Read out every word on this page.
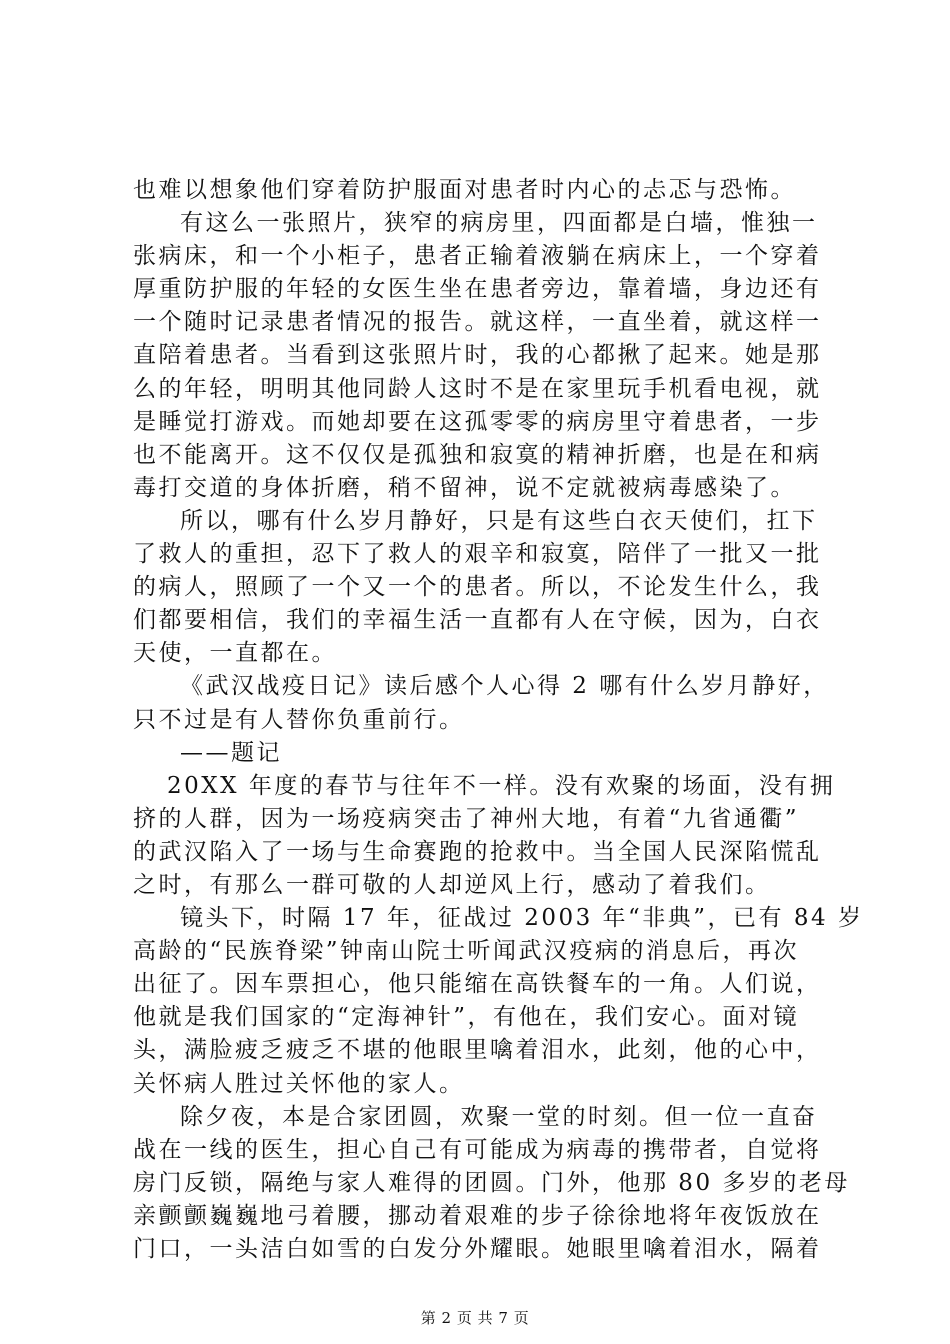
也难以想象他们穿着防护服面对患者时内心的忐忑与恐怖。
有这么一张照片，狭窄的病房里，四面都是白墙，惟独一
张病床，和一个小柜子，患者正输着液躺在病床上，一个穿着
厚重防护服的年轻的女医生坐在患者旁边，靠着墙，身边还有
一个随时记录患者情况的报告。就这样，一直坐着，就这样一
直陪着患者。当看到这张照片时，我的心都揪了起来。她是那
么的年轻，明明其他同龄人这时不是在家里玩手机看电视，就
是睡觉打游戏。而她却要在这孤零零的病房里守着患者，一步
也不能离开。这不仅仅是孤独和寂寞的精神折磨，也是在和病
毒打交道的身体折磨，稍不留神，说不定就被病毒感染了。
所以，哪有什么岁月静好，只是有这些白衣天使们，扛下
了救人的重担，忍下了救人的艰辛和寂寞，陪伴了一批又一批
的病人，照顾了一个又一个的患者。所以，不论发生什么，我
们都要相信，我们的幸福生活一直都有人在守候，因为，白衣
天使，一直都在。
《武汉战疫日记》读后感个人心得 2 哪有什么岁月静好，
只不过是有人替你负重前行。
——题记
20XX 年度的春节与往年不一样。没有欢聚的场面，没有拥
挤的人群，因为一场疫病突击了神州大地，有着“九省通衢”
的武汉陷入了一场与生命赛跑的抢救中。当全国人民深陷慌乱
之时，有那么一群可敬的人却逆风上行，感动了着我们。
镜头下，时隔 17 年，征战过 2003 年“非典”，已有 84 岁
高龄的“民族脊梁”钟南山院士听闻武汉疫病的消息后，再次
出征了。因车票担心，他只能缩在高铁餐车的一角。人们说，
他就是我们国家的“定海神针”，有他在，我们安心。面对镜
头，满脸疲乏疲乏不堪的他眼里噙着泪水，此刻，他的心中，
关怀病人胜过关怀他的家人。
除夕夜，本是合家团圆，欢聚一堂的时刻。但一位一直奋
战在一线的医生，担心自己有可能成为病毒的携带者，自觉将
房门反锁，隔绝与家人难得的团圆。门外，他那 80 多岁的老母
亲颤颤巍巍地弓着腰，挪动着艰难的步子徐徐地将年夜饭放在
门口，一头洁白如雪的白发分外耀眼。她眼里噙着泪水，隔着
第 2 页 共 7 页
